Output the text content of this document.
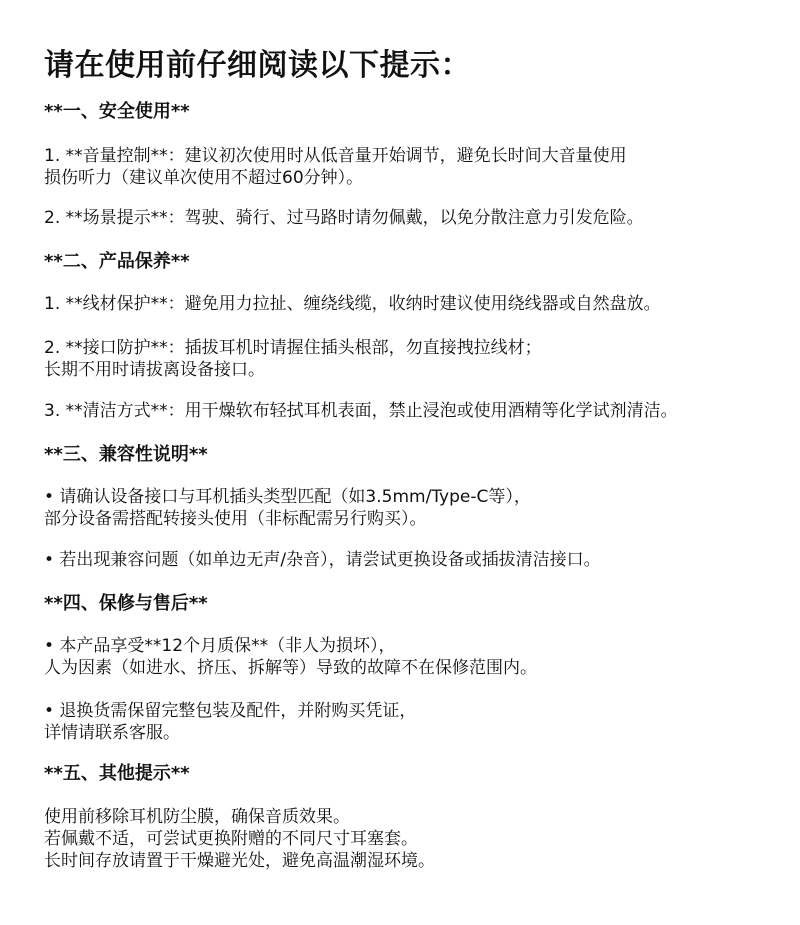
请在使用前仔细阅读以下提示：
**一、安全使用**
1. **音量控制**：建议初次使用时从低音量开始调节，避免长时间大音量使用
损伤听力（建议单次使用不超过60分钟）。
2. **场景提示**：驾驶、骑行、过马路时请勿佩戴，以免分散注意力引发危险。
**二、产品保养**
1. **线材保护**：避免用力拉扯、缠绕线缆，收纳时建议使用绕线器或自然盘放。
2. **接口防护**：插拔耳机时请握住插头根部，勿直接拽拉线材；
长期不用时请拔离设备接口。
3. **清洁方式**：用干燥软布轻拭耳机表面，禁止浸泡或使用酒精等化学试剂清洁。
**三、兼容性说明**
• 请确认设备接口与耳机插头类型匹配（如3.5mm/Type-C等），
部分设备需搭配转接头使用（非标配需另行购买）。
• 若出现兼容问题（如单边无声/杂音），请尝试更换设备或插拔清洁接口。
**四、保修与售后**
• 本产品享受**12个月质保**（非人为损坏），
人为因素（如进水、挤压、拆解等）导致的故障不在保修范围内。
• 退换货需保留完整包装及配件，并附购买凭证，
详情请联系客服。
**五、其他提示**
使用前移除耳机防尘膜，确保音质效果。
若佩戴不适，可尝试更换附赠的不同尺寸耳塞套。
长时间存放请置于干燥避光处，避免高温潮湿环境。
